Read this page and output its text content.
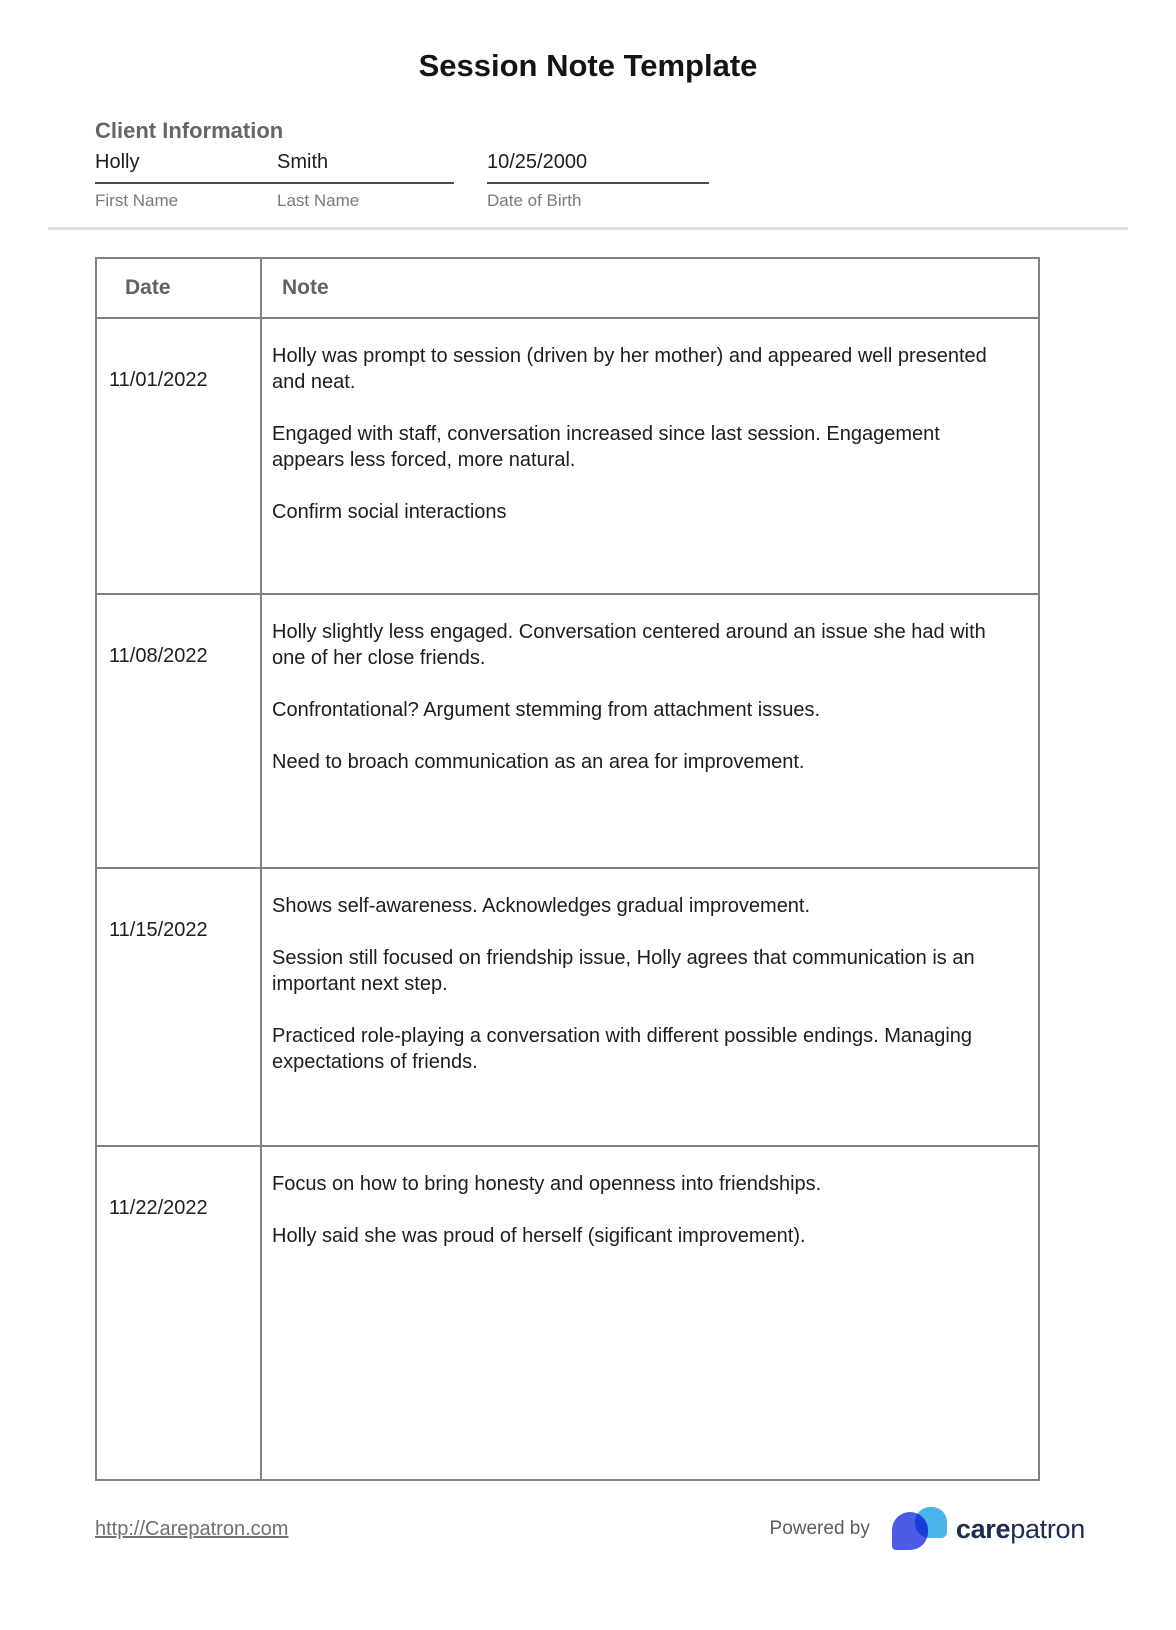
Session Note Template
Client Information
Holly
First Name
Smith
Last Name
10/25/2000
Date of Birth
Date	Note
11/01/2022	Holly was prompt to session (driven by her mother) and appeared well presented and neat.

Engaged with staff, conversation increased since last session. Engagement appears less forced, more natural.

Confirm social interactions

11/08/2022	Holly slightly less engaged. Conversation centered around an issue she had with one of her close friends.

Confrontational? Argument stemming from attachment issues.

Need to broach communication as an area for improvement.

11/15/2022	Shows self-awareness. Acknowledges gradual improvement.

Session still focused on friendship issue, Holly agrees that communication is an important next step.

Practiced role-playing a conversation with different possible endings. Managing expectations of friends.

11/22/2022	Focus on how to bring honesty and openness into friendships.

Holly said she was proud of herself (sigificant improvement).

http://Carepatron.com	Powered by	carepatron
